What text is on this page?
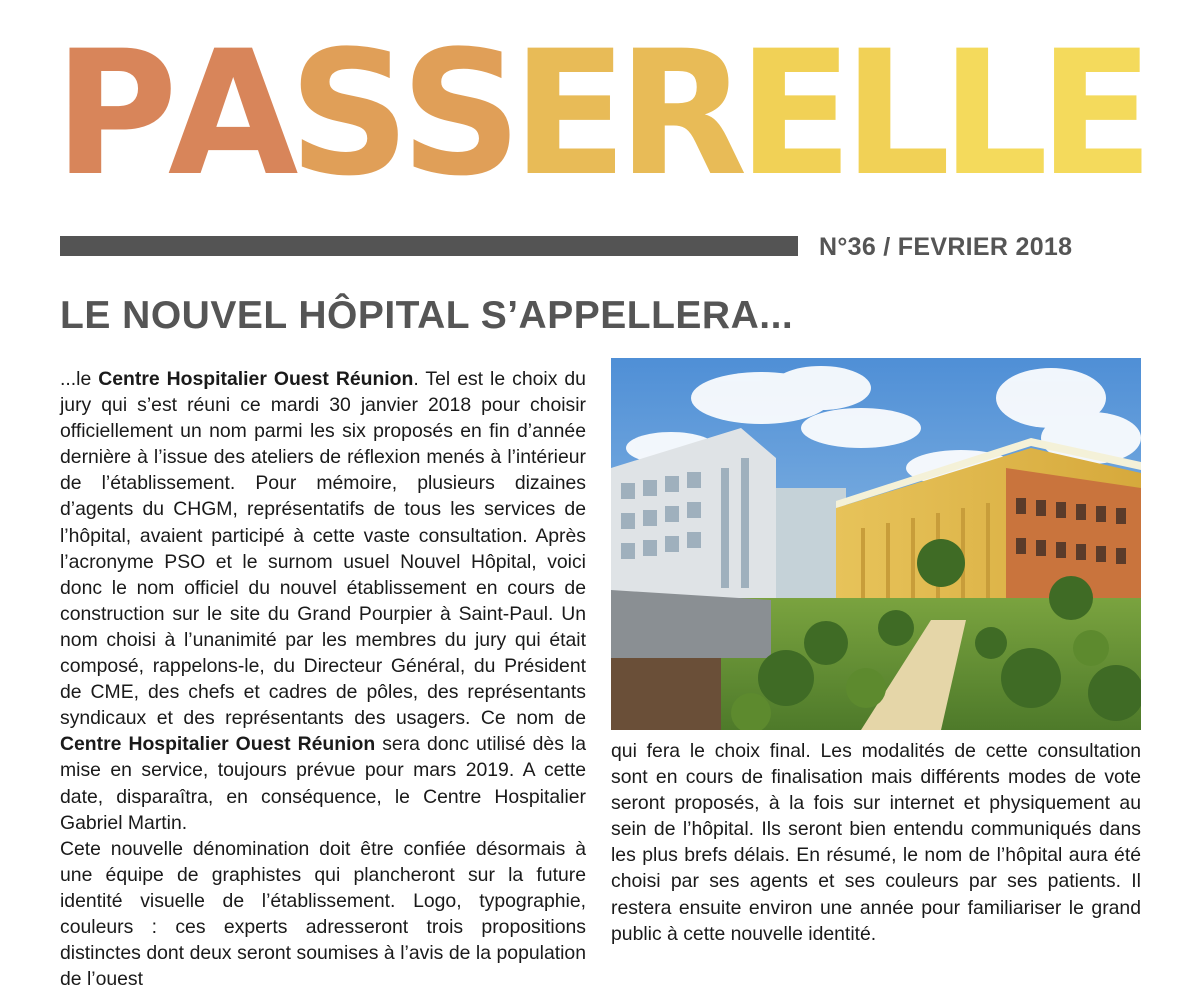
PASSERELLE
N°36 / FEVRIER 2018
LE NOUVEL HÔPITAL S’APPELLERA...

...le Centre Hospitalier Ouest Réunion. Tel est le choix du jury qui s’est réuni ce mardi 30 janvier 2018 pour choisir officiellement un nom parmi les six proposés en fin d’année dernière à l’issue des ateliers de réflexion menés à l’intérieur de l’établissement. Pour mémoire, plusieurs dizaines d’agents du CHGM, représentatifs de tous les services de l’hôpital, avaient participé à cette vaste consultation. Après l’acronyme PSO et le surnom usuel Nouvel Hôpital, voici donc le nom officiel du nouvel établissement en cours de construction sur le site du Grand Pourpier à Saint-Paul. Un nom choisi à l’unanimité par les membres du jury qui était composé, rappelons-le, du Directeur Général, du Président de CME, des chefs et cadres de pôles, des représentants syndicaux et des représentants des usagers. Ce nom de Centre Hospitalier Ouest Réunion sera donc utilisé dès la mise en service, toujours prévue pour mars 2019. A cette date, disparaîtra, en conséquence, le Centre Hospitalier Gabriel Martin.

Cete nouvelle dénomination doit être confiée désormais à une équipe de graphistes qui plancheront sur la future identité visuelle de l’établissement. Logo, typographie, couleurs : ces experts adresseront trois propositions distinctes dont deux seront soumises à l’avis de la population de l’ouest

qui fera le choix final. Les modalités de cette consultation sont en cours de finalisation mais différents modes de vote seront proposés, à la fois sur internet et physiquement au sein de l’hôpital. Ils seront bien entendu communiqués dans les plus brefs délais. En résumé, le nom de l’hôpital aura été choisi par ses agents et ses couleurs par ses patients. Il restera ensuite environ une année pour familiariser le grand public à cette nouvelle identité.
